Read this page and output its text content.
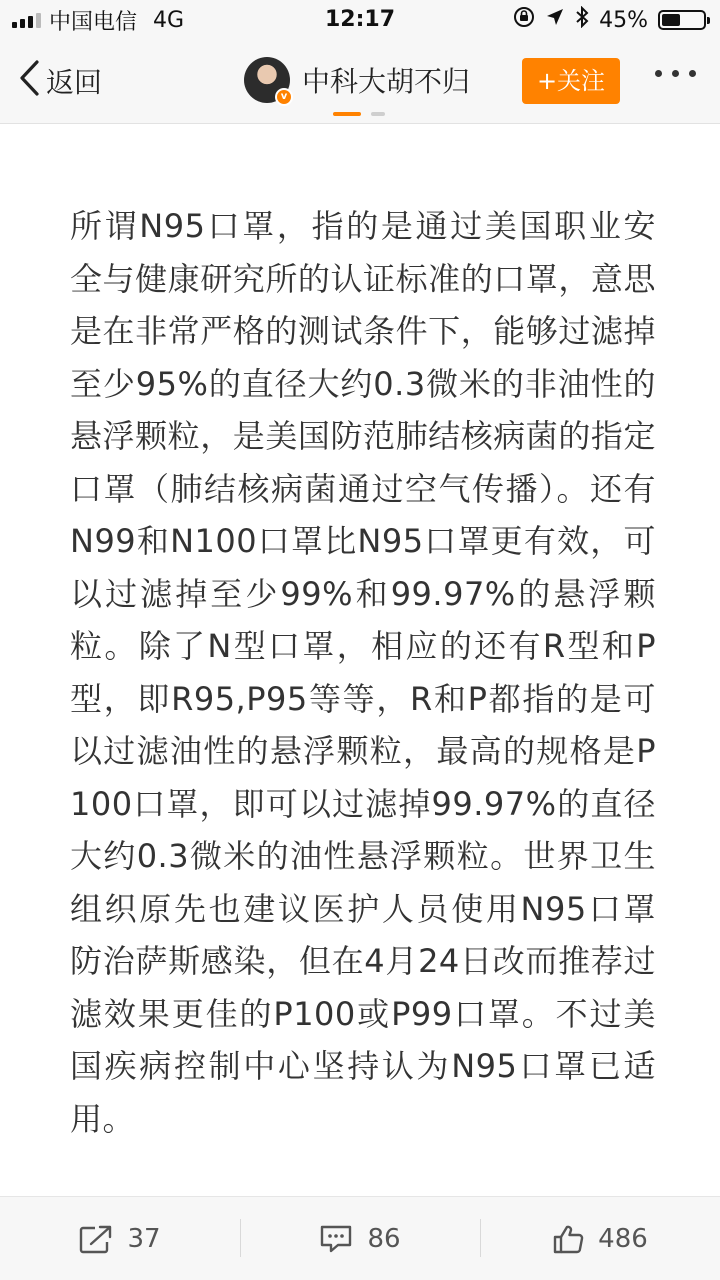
中国电信 4G	12:17	45%
返回	v 中科大胡不归	+关注
所谓N95口罩，指的是通过美国职业安全与健康研究所的认证标准的口罩，意思是在非常严格的测试条件下，能够过滤掉至少95%的直径大约0.3微米的非油性的悬浮颗粒，是美国防范肺结核病菌的指定口罩（肺结核病菌通过空气传播）。还有N99和N100口罩比N95口罩更有效，可以过滤掉至少99%和99.97%的悬浮颗粒。除了N型口罩，相应的还有R型和P型，即R95,P95等等，R和P都指的是可以过滤油性的悬浮颗粒，最高的规格是P100口罩，即可以过滤掉99.97%的直径大约0.3微米的油性悬浮颗粒。世界卫生组织原先也建议医护人员使用N95口罩防治萨斯感染，但在4月24日改而推荐过滤效果更佳的P100或P99口罩。不过美国疾病控制中心坚持认为N95口罩已适用。
37	86	486
